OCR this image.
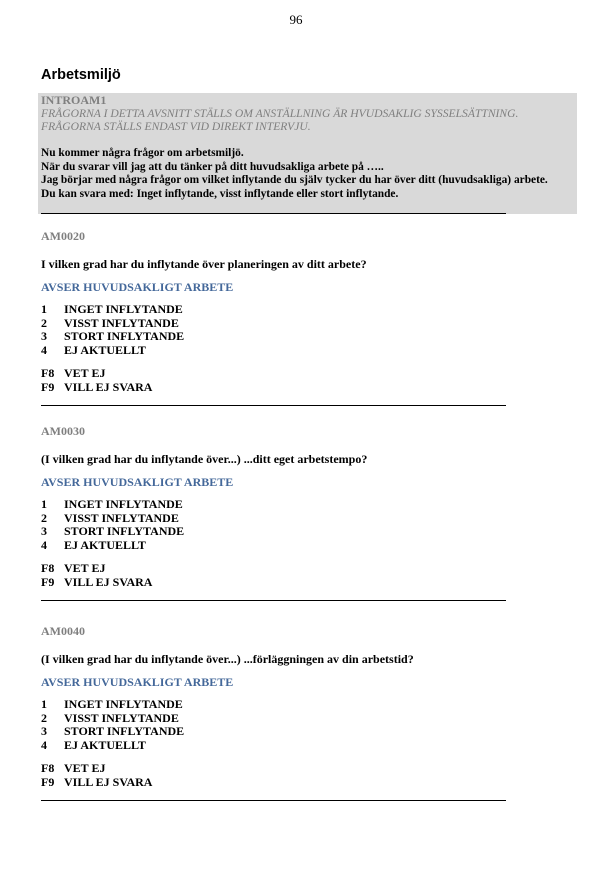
96
Arbetsmiljö
INTROAM1
FRÅGORNA I DETTA AVSNITT STÄLLS OM ANSTÄLLNING ÄR HVUDSAKLIG SYSSELSÄTTNING.
FRÅGORNA STÄLLS ENDAST VID DIREKT INTERVJU.
Nu kommer några frågor om arbetsmiljö.
När du svarar vill jag att du tänker på ditt huvudsakliga arbete på …..
Jag börjar med några frågor om vilket inflytande du själv tycker du har över ditt (huvudsakliga) arbete.
Du kan svara med: Inget inflytande, visst inflytande eller stort inflytande.
AM0020
I vilken grad har du inflytande över planeringen av ditt arbete?
AVSER HUVUDSAKLIGT ARBETE
1 INGET INFLYTANDE
2 VISST INFLYTANDE
3 STORT INFLYTANDE
4 EJ AKTUELLT
F8 VET EJ
F9 VILL EJ SVARA
AM0030
(I vilken grad har du inflytande över...) ...ditt eget arbetstempo?
AVSER HUVUDSAKLIGT ARBETE
1 INGET INFLYTANDE
2 VISST INFLYTANDE
3 STORT INFLYTANDE
4 EJ AKTUELLT
F8 VET EJ
F9 VILL EJ SVARA
AM0040
(I vilken grad har du inflytande över...) ...förläggningen av din arbetstid?
AVSER HUVUDSAKLIGT ARBETE
1 INGET INFLYTANDE
2 VISST INFLYTANDE
3 STORT INFLYTANDE
4 EJ AKTUELLT
F8 VET EJ
F9 VILL EJ SVARA
